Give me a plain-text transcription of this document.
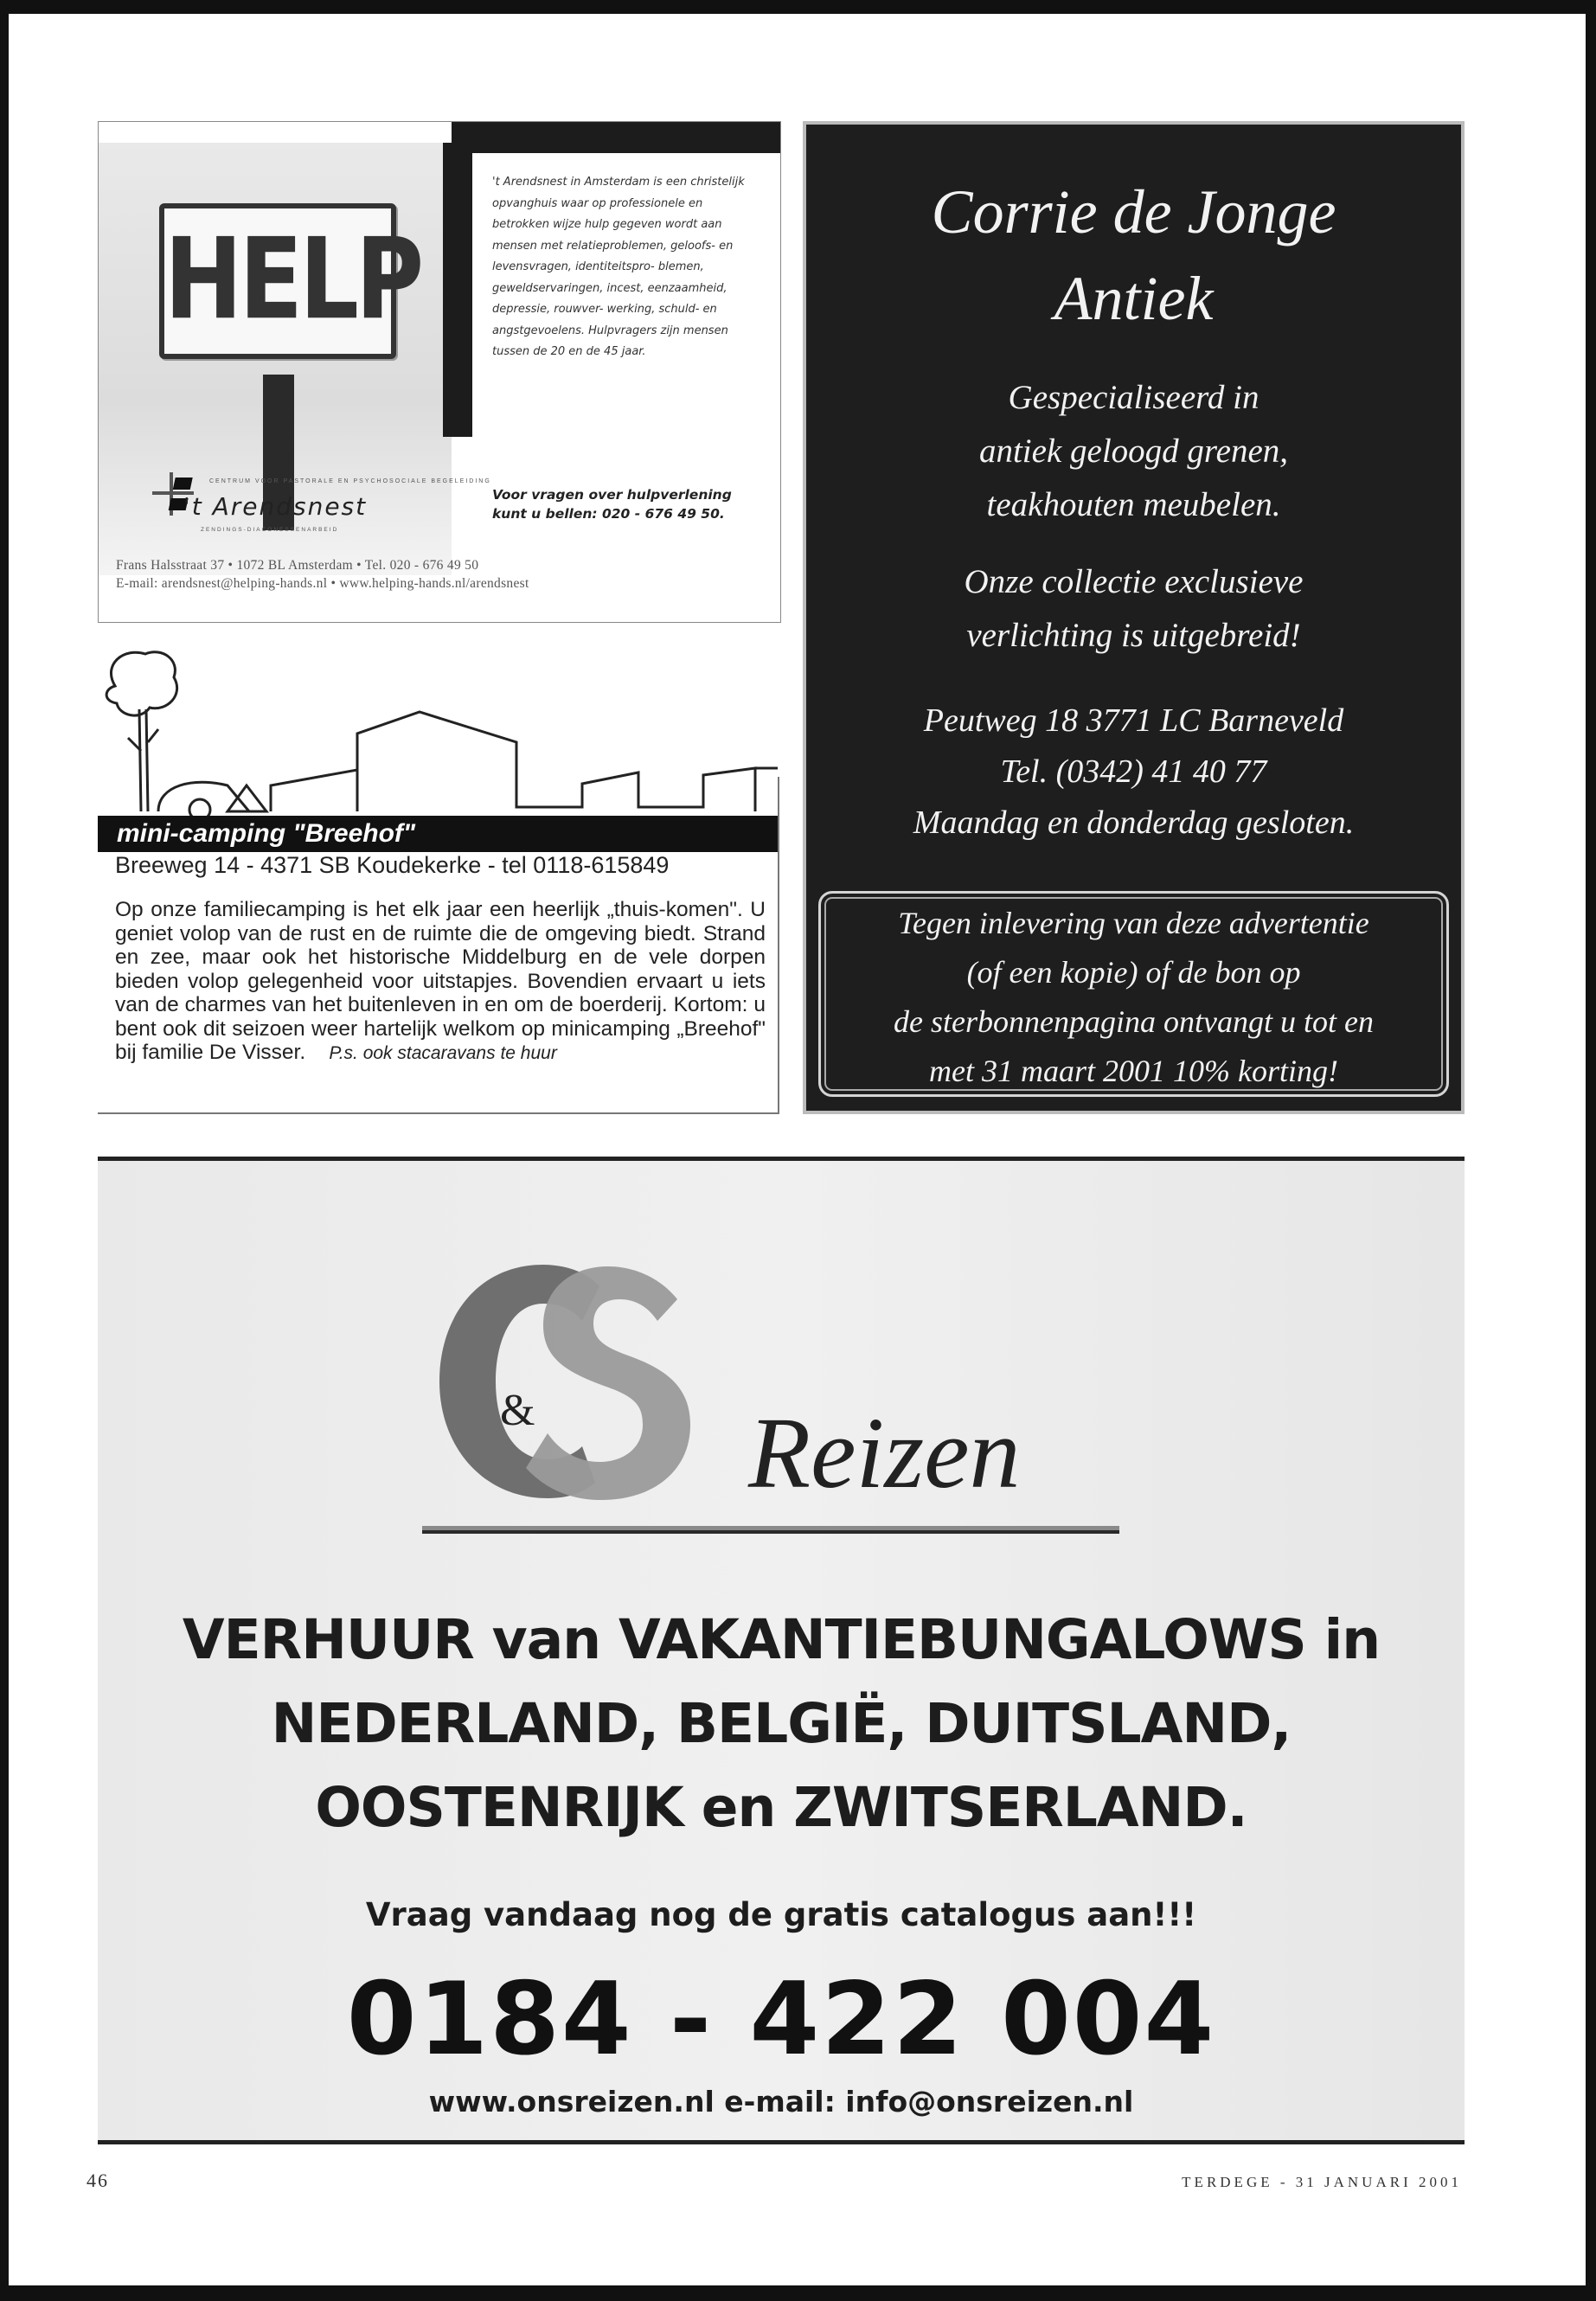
HELP
't Arendsnest in Amsterdam is een christelijk opvanghuis waar op professionele en betrokken wijze hulp gegeven wordt aan mensen met relatieproblemen, geloofs- en levensvragen, identiteitspro- blemen, geweldservaringen, incest, eenzaamheid, depressie, rouwver- werking, schuld- en angstgevoelens. Hulpvragers zijn mensen tussen de 20 en de 45 jaar.
Voor vragen over hulpverlening
kunt u bellen: 020 - 676 49 50.
CENTRUM VOOR PASTORALE EN PSYCHOSOCIALE BEGELEIDING
't Arendsnest
ZENDINGS-DIACONESSENARBEID
Frans Halsstraat 37 • 1072 BL Amsterdam • Tel. 020 - 676 49 50
E-mail: arendsnest@helping-hands.nl • www.helping-hands.nl/arendsnest
Corrie de Jonge
Antiek
Gespecialiseerd in
antiek geloogd grenen,
teakhouten meubelen.
Onze collectie exclusieve
verlichting is uitgebreid!
Peutweg 18 3771 LC Barneveld
Tel. (0342) 41 40 77
Maandag en donderdag gesloten.
Tegen inlevering van deze advertentie
(of een kopie) of de bon op
de sterbonnenpagina ontvangt u tot en
met 31 maart 2001 10% korting!
mini-camping "Breehof"
Breeweg 14 - 4371 SB Koudekerke - tel 0118-615849
Op onze familiecamping is het elk jaar een heerlijk „thuis-komen". U geniet volop van de rust en de ruimte die de omgeving biedt. Strand en zee, maar ook het historische Middelburg en de vele dorpen bieden volop gelegenheid voor uitstapjes. Bovendien ervaart u iets van de charmes van het buitenleven in en om de boerderij. Kortom: u bent ook dit seizoen weer hartelijk welkom op minicamping „Breehof" bij familie De Visser. P.s. ook stacaravans te huur
& Reizen
VERHUUR van VAKANTIEBUNGALOWS in
NEDERLAND, BELGIË, DUITSLAND,
OOSTENRIJK en ZWITSERLAND.
Vraag vandaag nog de gratis catalogus aan!!!
0184 - 422 004
www.onsreizen.nl e-mail: info@onsreizen.nl
46	TERDEGE - 31 JANUARI 2001
